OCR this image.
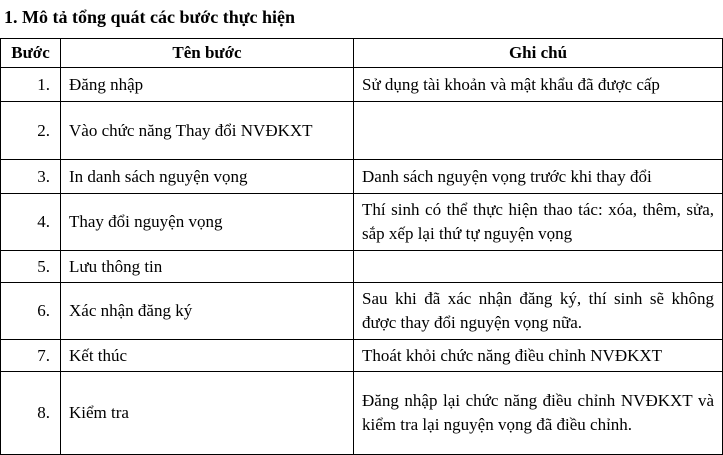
1. Mô tả tổng quát các bước thực hiện
Bước	Tên bước	Ghi chú
1.	Đăng nhập	Sử dụng tài khoản và mật khẩu đã được cấp
2.	Vào chức năng Thay đổi NVĐKXT	
3.	In danh sách nguyện vọng	Danh sách nguyện vọng trước khi thay đổi
4.	Thay đổi nguyện vọng	Thí sinh có thể thực hiện thao tác: xóa, thêm, sửa, sắp xếp lại thứ tự nguyện vọng
5.	Lưu thông tin	
6.	Xác nhận đăng ký	Sau khi đã xác nhận đăng ký, thí sinh sẽ không được thay đổi nguyện vọng nữa.
7.	Kết thúc	Thoát khỏi chức năng điều chỉnh NVĐKXT
8.	Kiểm tra	Đăng nhập lại chức năng điều chỉnh NVĐKXT và kiểm tra lại nguyện vọng đã điều chỉnh.
